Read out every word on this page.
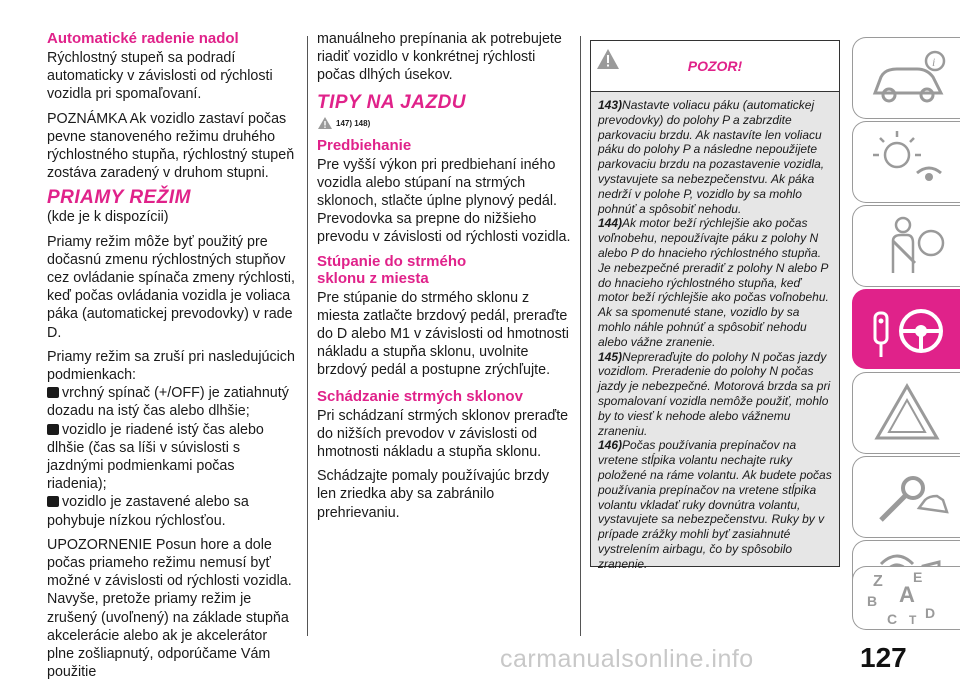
Automatické radenie nadol

Rýchlostný stupeň sa podradí automaticky v závislosti od rýchlosti vozidla pri spomaľovaní.

POZNÁMKA Ak vozidlo zastaví počas pevne stanoveného režimu druhého rýchlostného stupňa, rýchlostný stupeň zostáva zaradený v druhom stupni.

PRIAMY REŽIM

(kde je k dispozícii)

Priamy režim môže byť použitý pre dočasnú zmenu rýchlostných stupňov cez ovládanie spínača zmeny rýchlosti, keď počas ovládania vozidla je voliaca páka (automatickej prevodovky) v rade D.

Priamy režim sa zruší pri nasledujúcich podmienkach:

vrchný spínač (+/OFF) je zatiahnutý dozadu na istý čas alebo dlhšie;

vozidlo je riadené istý čas alebo dlhšie (čas sa líši v súvislosti s jazdnými podmienkami počas riadenia);

vozidlo je zastavené alebo sa pohybuje nízkou rýchlosťou.

UPOZORNENIE Posun hore a dole počas priameho režimu nemusí byť možné v závislosti od rýchlosti vozidla. Navyše, pretože priamy režim je zrušený (uvoľnený) na základe stupňa akcelerácie alebo ak je akcelerátor plne zošliapnutý, odporúčame Vám použitie

manuálneho prepínania ak potrebujete riadiť vozidlo v konkrétnej rýchlosti počas dlhých úsekov.

TIPY NA JAZDU
147) 148)
Predbiehanie

Pre vyšší výkon pri predbiehaní iného vozidla alebo stúpaní na strmých sklonoch, stlačte úplne plynový pedál. Prevodovka sa prepne do nižšieho prevodu v závislosti od rýchlosti vozidla.

Stúpanie do strmého sklonu z miesta

Pre stúpanie do strmého sklonu z miesta zatlačte brzdový pedál, preraďte do D alebo M1 v závislosti od hmotnosti nákladu a stupňa sklonu, uvolnite brzdový pedál a postupne zrýchľujte.

Schádzanie strmých sklonov

Pri schádzaní strmých sklonov preraďte do nižších prevodov v závislosti od hmotnosti nákladu a stupňa sklonu.

Schádzajte pomaly používajúc brzdy len zriedka aby sa zabránilo prehrievaniu.

POZOR!

143)Nastavte voliacu páku (automatickej prevodovky) do polohy P a zabrzdite parkovaciu brzdu. Ak nastavíte len voliacu páku do polohy P a následne nepoužijete parkovaciu brzdu na pozastavenie vozidla, vystavujete sa nebezpečenstvu. Ak páka nedrží v polohe P, vozidlo by sa mohlo pohnúť a spôsobiť nehodu.

144)Ak motor beží rýchlejšie ako počas voľnobehu, nepoužívajte páku z polohy N alebo P do hnacieho rýchlostného stupňa. Je nebezpečné preradiť z polohy N alebo P do hnacieho rýchlostného stupňa, keď motor beží rýchlejšie ako počas voľnobehu. Ak sa spomenuté stane, vozidlo by sa mohlo náhle pohnúť a spôsobiť nehodu alebo vážne zranenie.

145)Nepreraďujte do polohy N počas jazdy vozidlom. Preradenie do polohy N počas jazdy je nebezpečné. Motorová brzda sa pri spomalovaní vozidla nemôže použiť, mohlo by to viesť k nehode alebo vážnemu zraneniu.

146)Počas používania prepínačov na vretene stĺpika volantu nechajte ruky položené na ráme volantu. Ak budete počas používania prepínačov na vretene stĺpika volantu vkladať ruky dovnútra volantu, vystavujete sa nebezpečenstvu. Ruky by v prípade zrážky mohli byť zasiahnuté vystrelením airbagu, čo by spôsobilo zranenie.

i
Z E
B A
C D
T
127
carmanualsonline.info
